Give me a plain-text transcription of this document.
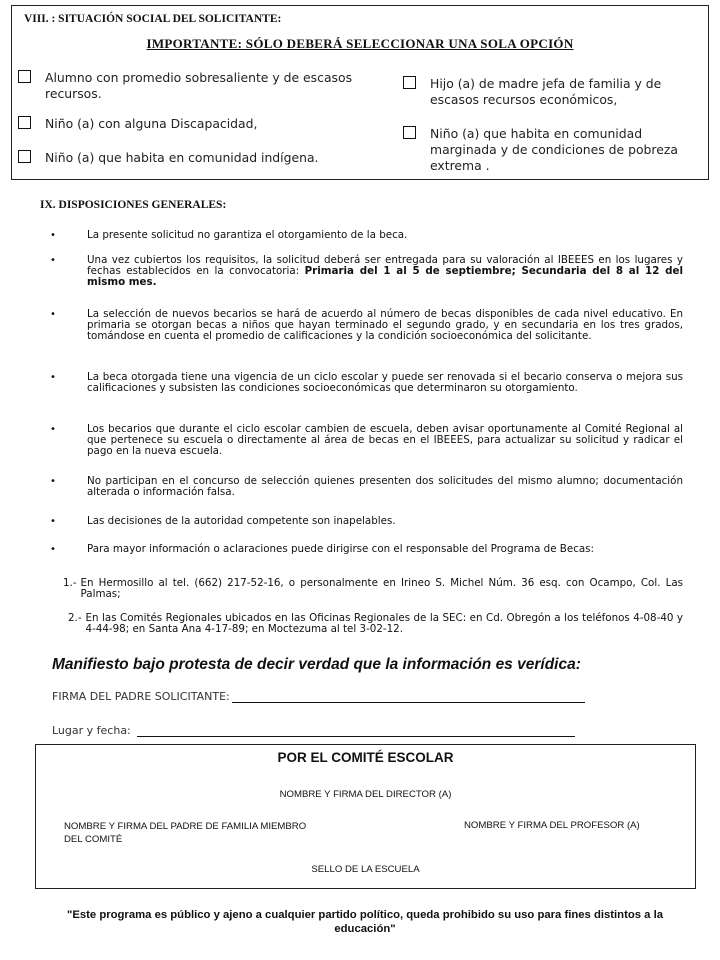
VIII. : SITUACIÓN SOCIAL DEL SOLICITANTE:
IMPORTANTE: SÓLO DEBERÁ SELECCIONAR UNA SOLA OPCIÓN
Alumno con promedio sobresaliente y de escasos recursos.
Niño (a) con alguna Discapacidad,
Niño (a) que habita en comunidad indígena.
Hijo (a) de madre jefa de familia y de escasos recursos económicos,
Niño (a) que habita en comunidad marginada y de condiciones de pobreza extrema .
IX. DISPOSICIONES GENERALES:
•	La presente solicitud no garantiza el otorgamiento de la beca.
•	Una vez cubiertos los requisitos, la solicitud deberá ser entregada para su valoración al IBEEES en los lugares y fechas establecidos en la convocatoria: Primaria del 1 al 5 de septiembre; Secundaria del 8 al 12 del mismo mes.
•	La selección de nuevos becarios se hará de acuerdo al número de becas disponibles de cada nivel educativo. En primaria se otorgan becas a niños que hayan terminado el segundo grado, y en secundaria en los tres grados, tomándose en cuenta el promedio de calificaciones y la condición socioeconómica del solicitante.
•	La beca otorgada tiene una vigencia de un ciclo escolar y puede ser renovada si el becario conserva o mejora sus calificaciones y subsisten las condiciones socioeconómicas que determinaron su otorgamiento.
•	Los becarios que durante el ciclo escolar cambien de escuela, deben avisar oportunamente al Comité Regional al que pertenece su escuela o directamente al área de becas en el IBEEES, para actualizar su solicitud y radicar el pago en la nueva escuela.
•	No participan en el concurso de selección quienes presenten dos solicitudes del mismo alumno; documentación alterada o información falsa.
•	Las decisiones de la autoridad competente son inapelables.
•	Para mayor información o aclaraciones puede dirigirse con el responsable del Programa de Becas:
1.- En Hermosillo al tel. (662) 217-52-16, o personalmente en Irineo S. Michel Núm. 36 esq. con Ocampo, Col. Las Palmas;
2.- En las Comités Regionales ubicados en las Oficinas Regionales de la SEC: en Cd. Obregón a los teléfonos 4-08-40 y 4-44-98; en Santa Ana 4-17-89; en Moctezuma al tel 3-02-12.
Manifiesto bajo protesta de decir verdad que la información es verídica:
FIRMA DEL PADRE SOLICITANTE:
Lugar y fecha:
POR EL COMITÉ ESCOLAR
NOMBRE Y FIRMA DEL DIRECTOR (A)
NOMBRE Y FIRMA DEL PADRE DE FAMILIA MIEMBRO DEL COMITÉ
NOMBRE Y FIRMA DEL PROFESOR (A)
SELLO DE LA ESCUELA
"Este programa es público y ajeno a cualquier partido político, queda prohibido su uso para fines distintos a la educación"
